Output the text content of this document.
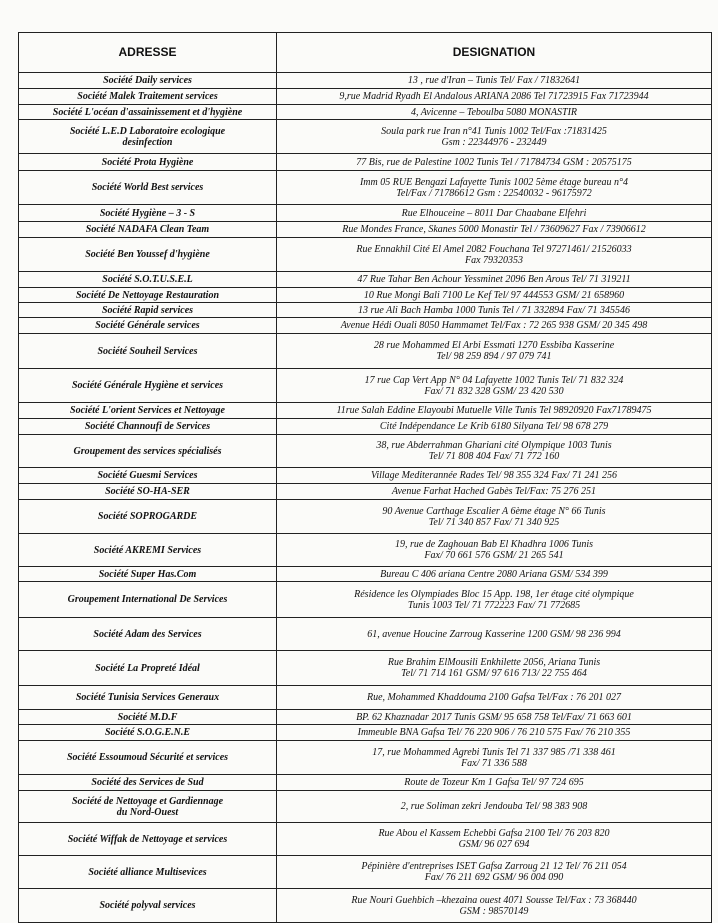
ADRESSE	DESIGNATION

Société Daily services	13 , rue d'Iran – Tunis Tel/ Fax / 71832641

Société Malek Traitement services	9,rue Madrid Ryadh El Andalous ARIANA 2086 Tel 71723915 Fax 71723944

Société L'océan d'assainissement et d'hygiène	4, Avicenne – Teboulba 5080 MONASTIR

Société L.E.D Laboratoire ecologique
desinfection	Soula park rue Iran n°41 Tunis 1002 Tel/Fax :71831425
Gsm : 22344976 - 232449

Société Prota Hygiène	77 Bis, rue de Palestine 1002 Tunis Tel / 71784734 GSM : 20575175

Société World Best services	Imm 05 RUE Bengazi Lafayette Tunis 1002 5ème étage bureau n°4
Tel/Fax / 71786612 Gsm : 22540032 - 96175972

Société Hygiène – 3 - S	Rue Elhouceine – 8011 Dar Chaabane Elfehri

Société NADAFA Clean Team	Rue Mondes France, Skanes 5000 Monastir Tel / 73609627 Fax / 73906612

Société Ben Youssef d'hygiène	Rue Ennakhil Cité El Amel 2082 Fouchana Tel 97271461/ 21526033
Fax 79320353

Société S.O.T.U.S.E.L	47 Rue Tahar Ben Achour Yessminet 2096 Ben Arous Tel/ 71 319211

Société De Nettoyage Restauration	10 Rue Mongi Bali 7100 Le Kef Tel/ 97 444553 GSM/ 21 658960

Société Rapid services	13 rue Ali Bach Hamba 1000 Tunis Tel / 71 332894 Fax/ 71 345546

Société Générale services	Avenue Hédi Ouali 8050 Hammamet Tel/Fax : 72 265 938 GSM/ 20 345 498

Société Souheil Services	28 rue Mohammed El Arbi Essmati 1270 Essbiba Kasserine
Tel/ 98 259 894 / 97 079 741

Société Générale Hygiène et services	17 rue Cap Vert App N° 04 Lafayette 1002 Tunis Tel/ 71 832 324
Fax/ 71 832 328 GSM/ 23 420 530

Société L'orient Services et Nettoyage	11rue Salah Eddine Elayoubi Mutuelle Ville Tunis Tel 98920920 Fax71789475

Société Channoufi de Services	Cité Indépendance Le Krib 6180 Silyana Tel/ 98 678 279

Groupement des services spécialisés	38, rue Abderrahman Ghariani cité Olympique 1003 Tunis
Tel/ 71 808 404 Fax/ 71 772 160

Société Guesmi Services	Village Mediterannée Rades Tel/ 98 355 324 Fax/ 71 241 256

Société SO-HA-SER	Avenue Farhat Hached Gabès Tel/Fax: 75 276 251

Société SOPROGARDE	90 Avenue Carthage Escalier A 6ème étage N° 66 Tunis
Tel/ 71 340 857 Fax/ 71 340 925

Société AKREMI Services	19, rue de Zaghouan Bab El Khadhra 1006 Tunis
Fax/ 70 661 576 GSM/ 21 265 541

Société Super Has.Com	Bureau C 406 ariana Centre 2080 Ariana GSM/ 534 399

Groupement International De Services	Résidence les Olympiades Bloc 15 App. 198, 1er étage cité olympique
Tunis 1003 Tel/ 71 772223 Fax/ 71 772685

Société Adam des Services	61, avenue Houcine Zarroug Kasserine 1200 GSM/ 98 236 994

Société La Propreté Idéal	Rue Brahim ElMousili Enkhilette 2056, Ariana Tunis
Tel/ 71 714 161 GSM/ 97 616 713/ 22 755 464

Société Tunisia Services Generaux	Rue, Mohammed Khaddouma 2100 Gafsa Tel/Fax : 76 201 027

Société M.D.F	BP. 62 Khaznadar 2017 Tunis GSM/ 95 658 758 Tel/Fax/ 71 663 601

Société S.O.G.E.N.E	Immeuble BNA Gafsa Tel/ 76 220 906 / 76 210 575 Fax/ 76 210 355

Société Essoumoud Sécurité et services	17, rue Mohammed Agrebi Tunis Tel 71 337 985 /71 338 461
Fax/ 71 336 588

Société des Services de Sud	Route de Tozeur Km 1 Gafsa Tel/ 97 724 695

Société de Nettoyage et Gardiennage
du Nord-Ouest	2, rue Soliman zekri Jendouba Tel/ 98 383 908

Société Wiffak de Nettoyage et services	Rue Abou el Kassem Echebbi Gafsa 2100 Tel/ 76 203 820
GSM/ 96 027 694

Société alliance Multisevices	Pépinière d'entreprises ISET Gafsa Zarroug 21 12 Tel/ 76 211 054
Fax/ 76 211 692 GSM/ 96 004 090

Société polyval services	Rue Nouri Guehbich –khezaina ouest 4071 Sousse Tel/Fax : 73 368440
GSM : 98570149
